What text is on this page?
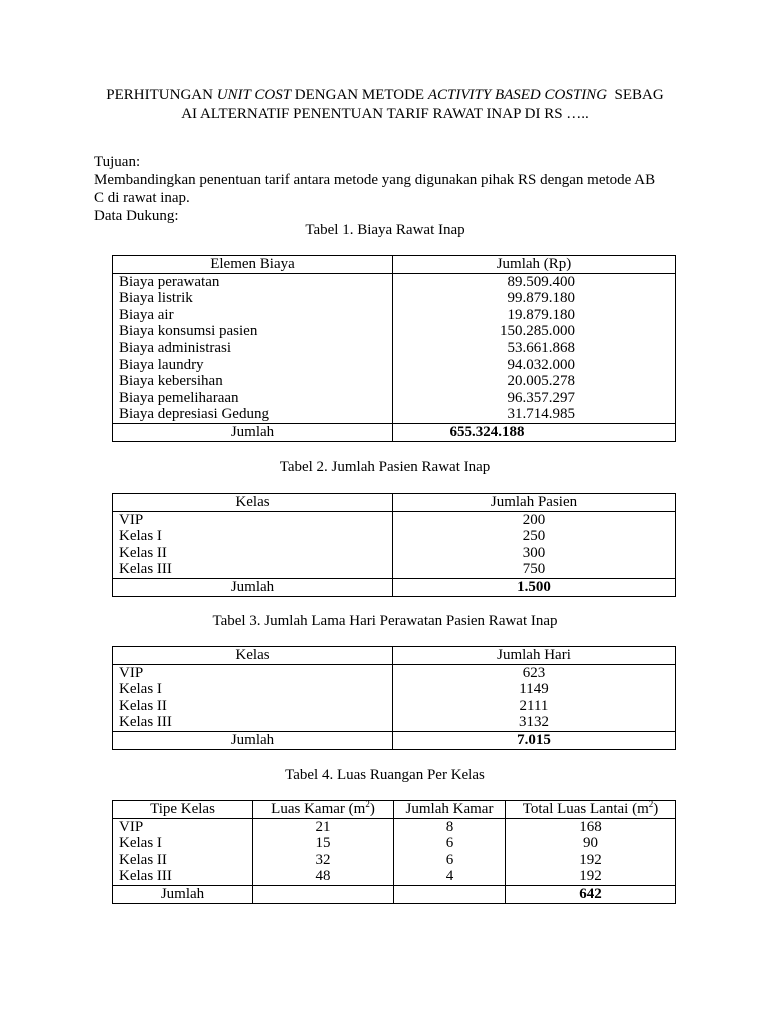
PERHITUNGAN UNIT COST DENGAN METODE ACTIVITY BASED COSTING  SEBAG
AI ALTERNATIF PENENTUAN TARIF RAWAT INAP DI RS …..
Tujuan:
Membandingkan penentuan tarif antara metode yang digunakan pihak RS dengan metode AB
C di rawat inap.
Data Dukung:
Tabel 1. Biaya Rawat Inap
Elemen Biaya	Jumlah (Rp)
Biaya perawatan	89.509.400
Biaya listrik	99.879.180
Biaya air	19.879.180
Biaya konsumsi pasien	150.285.000
Biaya administrasi	53.661.868
Biaya laundry	94.032.000
Biaya kebersihan	20.005.278
Biaya pemeliharaan	96.357.297
Biaya depresiasi Gedung	31.714.985
Jumlah	655.324.188
Tabel 2. Jumlah Pasien Rawat Inap
Kelas	Jumlah Pasien
VIP	200
Kelas I	250
Kelas II	300
Kelas III	750
Jumlah	1.500
Tabel 3. Jumlah Lama Hari Perawatan Pasien Rawat Inap
Kelas	Jumlah Hari
VIP	623
Kelas I	1149
Kelas II	2111
Kelas III	3132
Jumlah	7.015
Tabel 4. Luas Ruangan Per Kelas
Tipe Kelas	Luas Kamar $(m^2)$	Jumlah Kamar	Total Luas Lantai $(m^2)$
VIP	21	8	168
Kelas I	15	6	90
Kelas II	32	6	192
Kelas III	48	4	192
Jumlah			642
